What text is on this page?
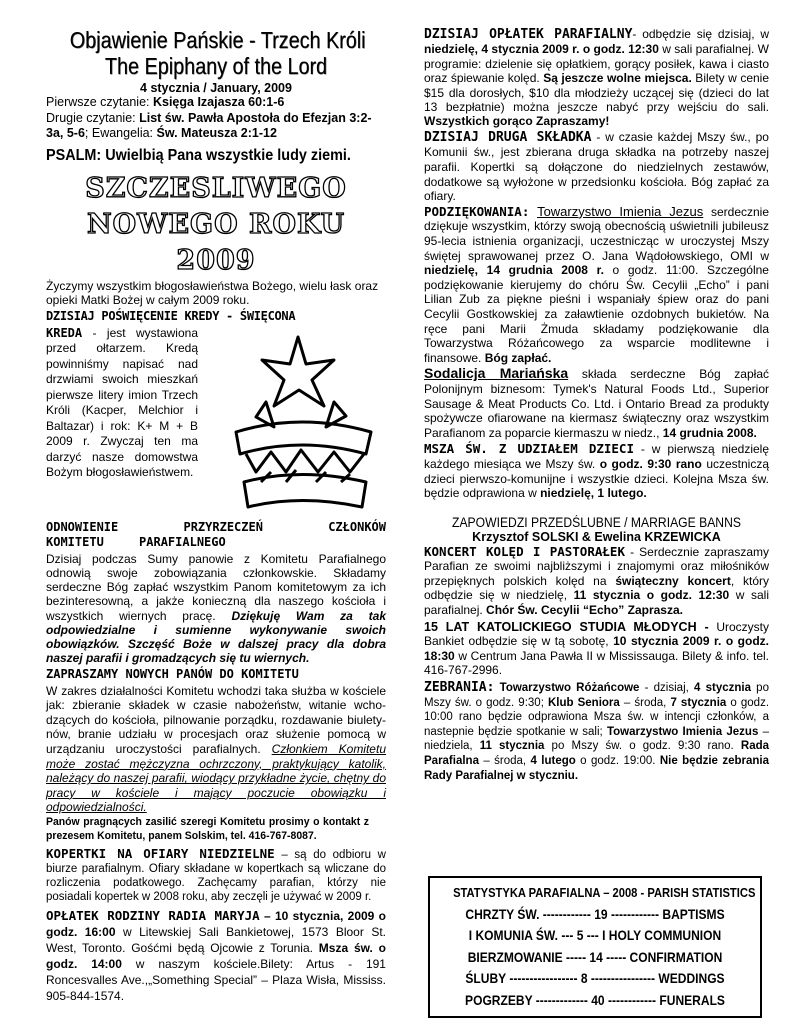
Objawienie Pańskie - Trzech Króli
The Epiphany of the Lord
4 stycznia / January, 2009
Pierwsze czytanie: Księga Izajasza 60:1-6
Drugie czytanie: List św. Pawła Apostoła do Efezjan 3:2-3a, 5-6; Ewangelia: Św. Mateusza 2:1-12
PSALM: Uwielbią Pana wszystkie ludy ziemi.
SZCZESLIWEGO
NOWEGO ROKU 2009

Życzymy wszystkim błogosławieństwa Bożego, wielu łask oraz opieki Matki Bożej w całym 2009 roku.

DZISIAJ POŚWIĘCENIE KREDY - ŚWIĘCONA

KREDA - jest wystawiona przed ołtarzem. Kredą powinniśmy napisać nad drzwiami swoich mieszkań pierwsze litery imion Trzech Króli (Kacper, Melchior i Baltazar) i rok: K+ M + B 2009 r. Zwyczaj ten ma darzyć nasze domowstwa Bożym błogosławieństwem.

ODNOWIENIE PRZYRZECZEŃ CZŁONKÓW KOMITETU PARAFIALNEGO

Dzisiaj podczas Sumy panowie z Komitetu Parafialnego odnowią swoje zobowiązania członkowskie. Składamy serdeczne Bóg zapłać wszystkim Panom komitetowym za ich bezinteresowną, a jakże konieczną dla naszego kościoła i wszystkich wiernych pracę. Dziękuję Wam za tak odpowiedzialne i sumienne wykonywanie swoich obowiązków. Szczęść Boże w dalszej pracy dla dobra naszej parafii i gromadzących się tu wiernych.

ZAPRASZAMY NOWYCH PANÓW DO KOMITETU

W zakres działalności Komitetu wchodzi taka służba w kościele jak: zbieranie składek w czasie nabożeństw, witanie wcho-dzących do kościoła, pilnowanie porządku, rozdawanie biulety-nów, branie udziału w procesjach oraz służenie pomocą w urządzaniu uroczystości parafialnych. Członkiem Komitetu może zostać mężczyzna ochrzczony, praktykujący katolik, należący do naszej parafii, wiodący przykładne życie, chętny do pracy w kościele i mający poczucie obowiązku i odpowiedzialności.

Panów pragnących zasilić szeregi Komitetu prosimy o kontakt z prezesem Komitetu, panem Solskim, tel. 416-767-8087.

KOPERTKI NA OFIARY NIEDZIELNE – są do odbioru w biurze parafialnym. Ofiary składane w kopertkach są wliczane do rozliczenia podatkowego. Zachęcamy parafian, którzy nie posiadali kopertek w 2008 roku, aby zeczęli je używać w 2009 r.

OPŁATEK RODZINY RADIA MARYJA – 10 stycznia, 2009 o godz. 16:00 w Litewskiej Sali Bankietowej, 1573 Bloor St. West, Toronto. Gośćmi będą Ojcowie z Torunia. Msza św. o godz. 14:00 w naszym kościele.Bilety: Artus - 191 Roncesvalles Ave.,„Something Special” – Plaza Wisła, Mississ. 905-844-1574.

DZISIAJ OPŁATEK PARAFIALNY- odbędzie się dzisiaj, w niedzielę, 4 stycznia 2009 r. o godz. 12:30 w sali parafialnej. W programie: dzielenie się opłatkiem, gorący posiłek, kawa i ciasto oraz śpiewanie kolęd. Są jeszcze wolne miejsca. Bilety w cenie $15 dla dorosłych, $10 dla młodzieży uczącej się (dzieci do lat 13 bezpłatnie) można jeszcze nabyć przy wejściu do sali. Wszystkich gorąco Zapraszamy!

DZISIAJ DRUGA SKŁADKA - w czasie każdej Mszy św., po Komunii św., jest zbierana druga składka na potrzeby naszej parafii. Kopertki są dołączone do niedzielnych zestawów, dodatkowe są wyłożone w przedsionku kościoła. Bóg zapłać za ofiary.

PODZIĘKOWANIA: Towarzystwo Imienia Jezus serdecznie dziękuje wszystkim, którzy swoją obecnością uświetnili jubileusz 95-lecia istnienia organizacji, uczestnicząc w uroczystej Mszy świętej sprawowanej przez O. Jana Wądołowskiego, OMI w niedzielę, 14 grudnia 2008 r. o godz. 11:00. Szczególne podziękowanie kierujemy do chóru Św. Cecylii „Echo” i pani Lilian Zub za piękne pieśni i wspaniały śpiew oraz do pani Cecylii Gostkowskiej za załawtienie ozdobnych bukietów. Na ręce pani Marii Żmuda składamy podziękowanie dla Towarzystwa Różańcowego za wsparcie modlitewne i finansowe. Bóg zapłać.

Sodalicja Mariańska składa serdeczne Bóg zapłać Polonijnym biznesom: Tymek's Natural Foods Ltd., Superior Sausage & Meat Products Co. Ltd. i Ontario Bread za produkty spożywcze ofiarowane na kiermasz świąteczny oraz wszystkim Parafianom za poparcie kiermaszu w niedz., 14 grudnia 2008.

MSZA ŚW. Z UDZIAŁEM DZIECI - w pierwszą niedzielę każdego miesiąca we Mszy św. o godz. 9:30 rano uczestniczą dzieci pierwszo-komunijne i wszystkie dzieci. Kolejna Msza św. będzie odprawiona w niedzielę, 1 lutego.

ZAPOWIEDZI PRZEDŚLUBNE / MARRIAGE BANNS
Krzysztof SOLSKI & Ewelina KRZEWICKA

KONCERT KOLĘD I PASTORAŁEK - Serdecznie zapraszamy Parafian ze swoimi najbliższymi i znajomymi oraz miłośników przepięknych polskich kolęd na świąteczny koncert, który odbędzie się w niedzielę, 11 stycznia o godz. 12:30 w sali parafialnej. Chór Św. Cecylii “Echo” Zaprasza.

15 LAT KATOLICKIEGO STUDIA MŁODYCH - Uroczysty Bankiet odbędzie się w tą sobotę, 10 stycznia 2009 r. o godz. 18:30 w Centrum Jana Pawła II w Mississauga. Bilety & info. tel. 416-767-2996.

ZEBRANIA: Towarzystwo Różańcowe - dzisiaj, 4 stycznia po Mszy św. o godz. 9:30; Klub Seniora – środa, 7 stycznia o godz. 10:00 rano będzie odprawiona Msza św. w intencji członków, a nastepnie będzie spotkanie w sali; Towarzystwo Imienia Jezus – niedziela, 11 stycznia po Mszy św. o godz. 9:30 rano. Rada Parafialna – środa, 4 lutego o godz. 19:00. Nie będzie zebrania Rady Parafialnej w styczniu.

STATYSTYKA PARAFIALNA – 2008 - PARISH STATISTICS
CHRZTY ŚW. ------------ 19 ------------ BAPTISMS
I KOMUNIA ŚW. --- 5 --- I HOLY COMMUNION
BIERZMOWANIE ----- 14 ----- CONFIRMATION
ŚLUBY ----------------- 8 ---------------- WEDDINGS
POGRZEBY ------------- 40 ------------ FUNERALS
